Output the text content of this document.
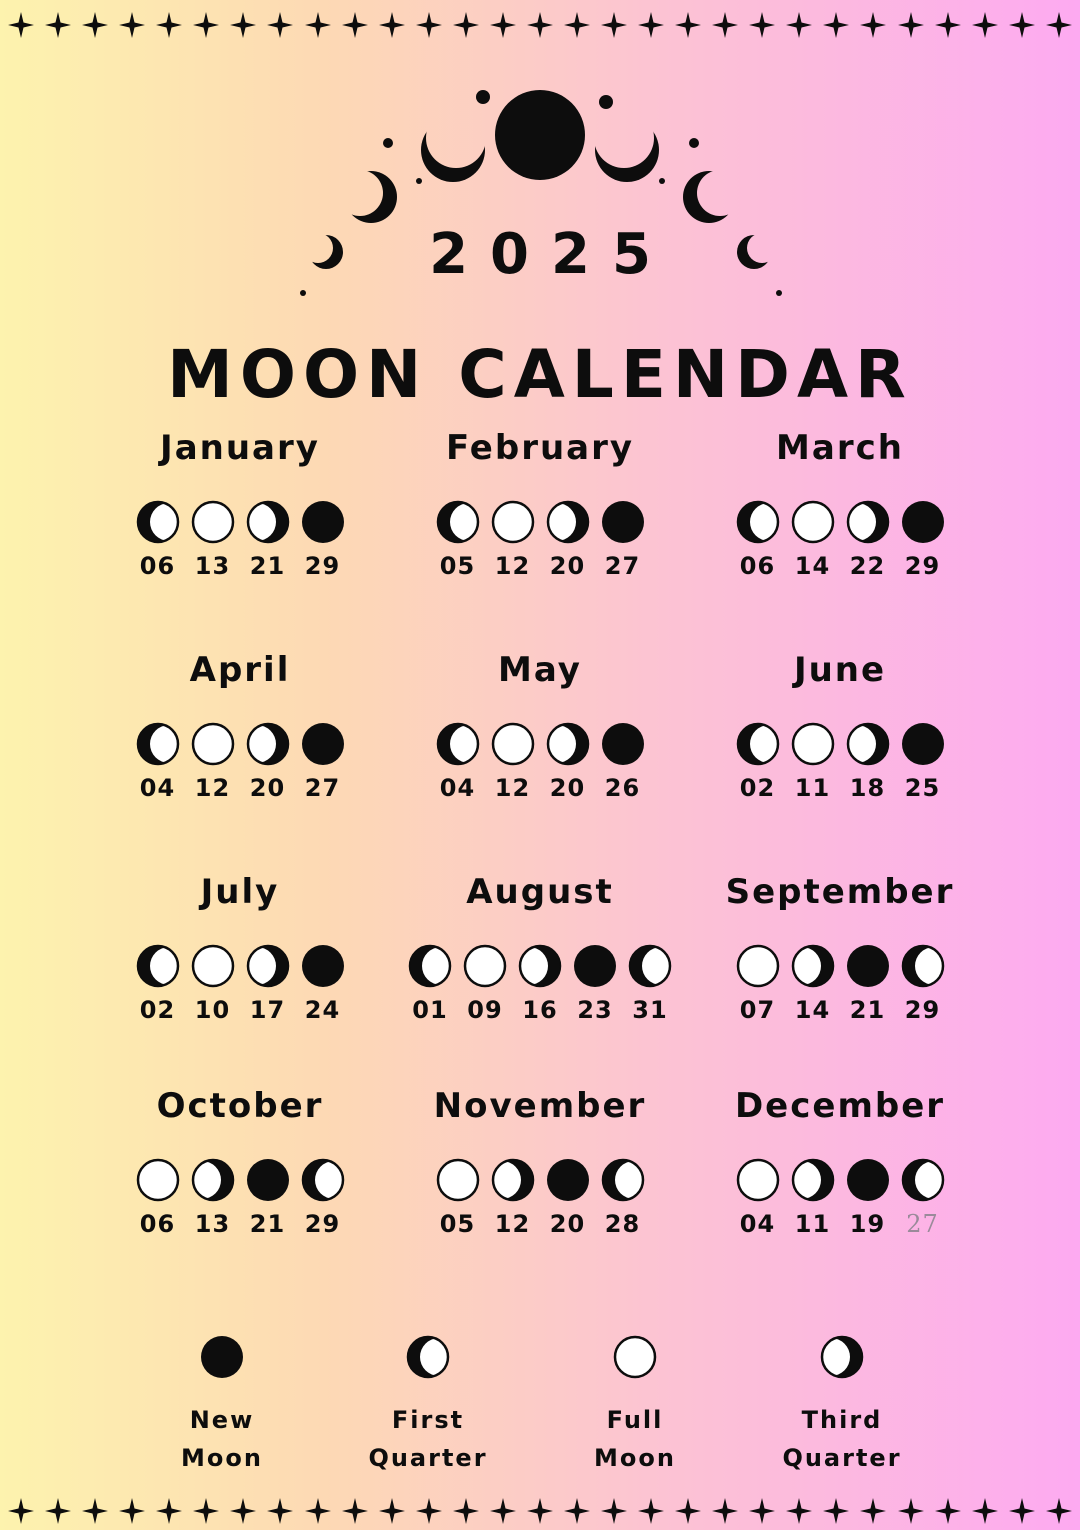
2025
MOON CALENDAR
January
06 13 21 29
February
05 12 20 27
March
06 14 22 29
April
04 12 20 27
May
04 12 20 26
June
02 11 18 25
July
02 10 17 24
August
01 09 16 23 31
September
07 14 21 29
October
06 13 21 29
November
05 12 20 28
December
04 11 19 27
New
Moon
First
Quarter
Full
Moon
Third
Quarter
